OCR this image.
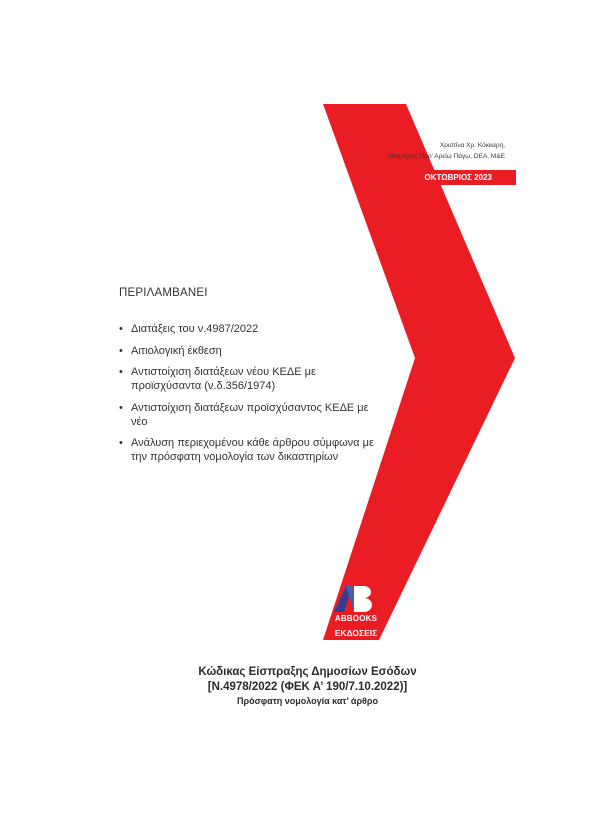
Χριστίνα Χρ. Κόκκαρη,
Δικηγόρος Παρ’ Αρείω Πάγω, DEA, M&E
ΟΚΤΩΒΡΙΟΣ 2023
ΠΕΡΙΛΑΜΒΑΝΕΙ
• Διατάξεις του ν.4987/2022
• Αιτιολογική έκθεση
• Αντιστοίχιση διατάξεων νέου ΚΕΔΕ με προϊσχύσαντα (ν.δ.356/1974)
• Αντιστοίχιση διατάξεων προϊσχύσαντος ΚΕΔΕ με νέο
• Ανάλυση περιεχομένου κάθε άρθρου σύμφωνα με την πρόσφατη νομολογία των δικαστηρίων
ABBOOKS
ΕΚΔΟΣΕΙΣ
Κώδικας Είσπραξης Δημοσίων Εσόδων
[Ν.4978/2022 (ΦΕΚ Α’ 190/7.10.2022)]
Πρόσφατη νομολογία κατ’ άρθρο
